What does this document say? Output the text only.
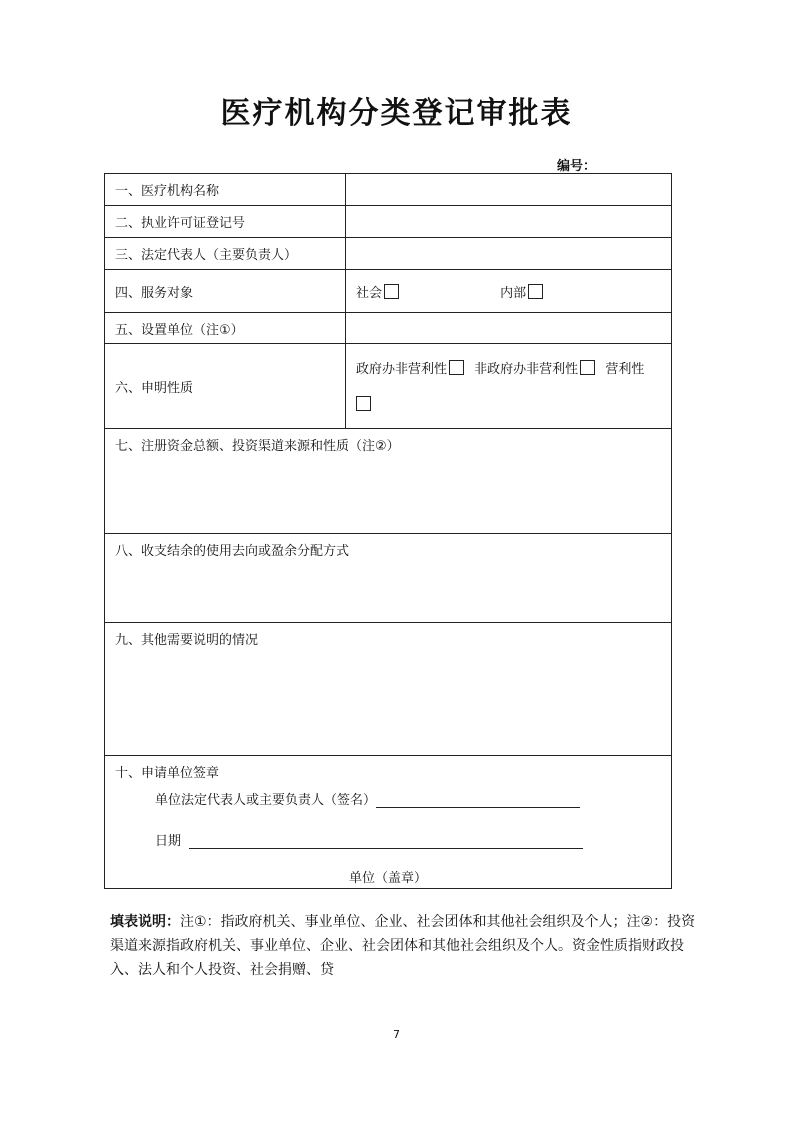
医疗机构分类登记审批表
编号：
一、医疗机构名称	
二、执业许可证登记号	
三、法定代表人（主要负责人）	
四、服务对象	社会 内部
五、设置单位（注①）	
六、申明性质	政府办非营利性 非政府办非营利性 营利性

七、注册资金总额、投资渠道来源和性质（注②）	
八、收支结余的使用去向或盈余分配方式	
九、其他需要说明的情况	

十、申请单位签章
单位法定代表人或主要负责人（签名）
日期
单位（盖章）	
填表说明：注①：指政府机关、事业单位、企业、社会团体和其他社会组织及个人；注②：投资渠道来源指政府机关、事业单位、企业、社会团体和其他社会组织及个人。资金性质指财政投入、法人和个人投资、社会捐赠、贷
7
